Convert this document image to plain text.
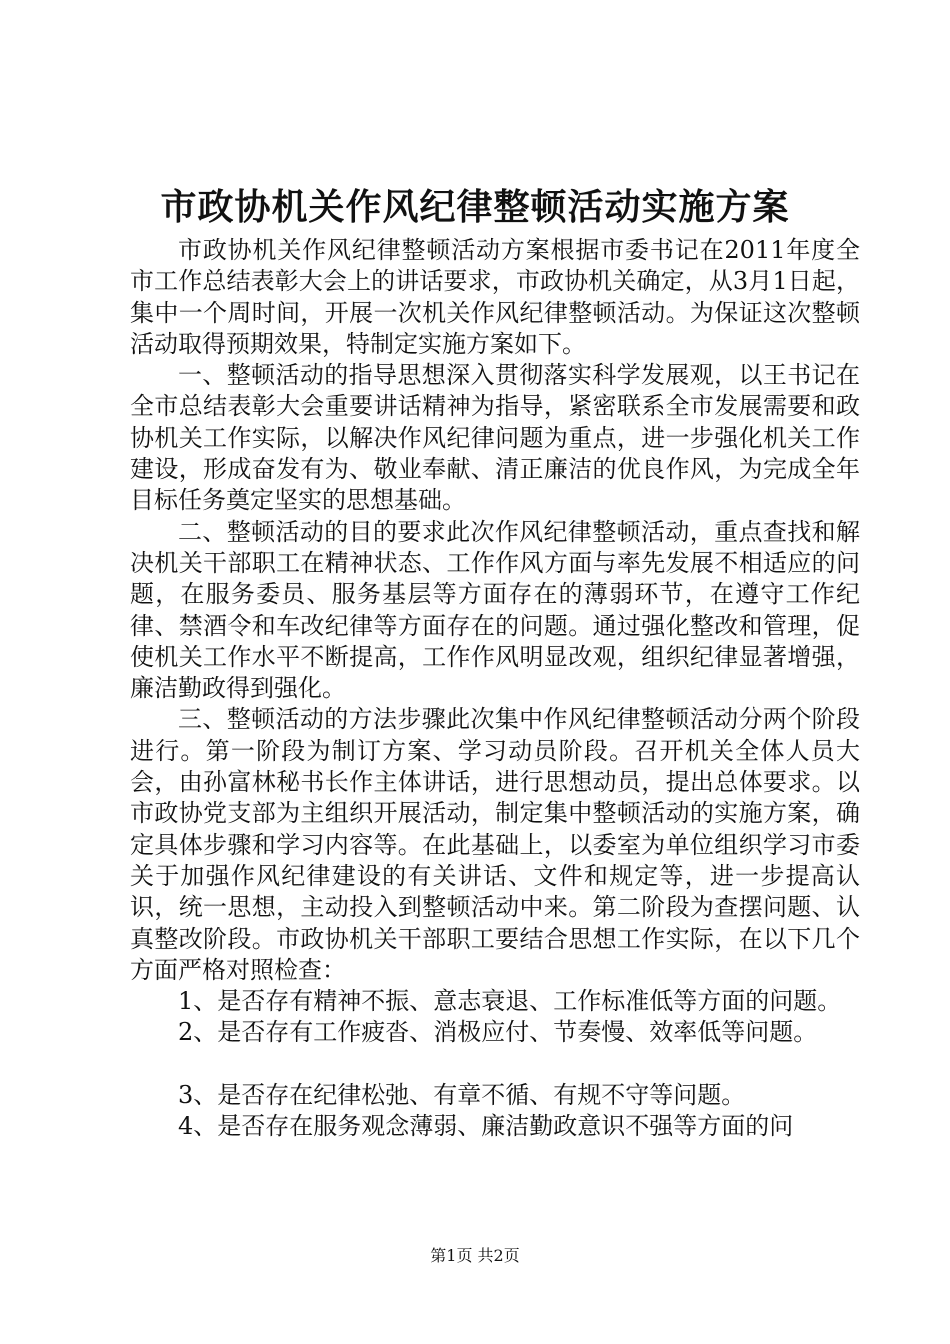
市政协机关作风纪律整顿活动实施方案

市政协机关作风纪律整顿活动方案根据市委书记在2011年度全市工作总结表彰大会上的讲话要求，市政协机关确定，从3月1日起，集中一个周时间，开展一次机关作风纪律整顿活动。为保证这次整顿活动取得预期效果，特制定实施方案如下。

一、整顿活动的指导思想深入贯彻落实科学发展观，以王书记在全市总结表彰大会重要讲话精神为指导，紧密联系全市发展需要和政协机关工作实际，以解决作风纪律问题为重点，进一步强化机关工作建设，形成奋发有为、敬业奉献、清正廉洁的优良作风，为完成全年目标任务奠定坚实的思想基础。

二、整顿活动的目的要求此次作风纪律整顿活动，重点查找和解决机关干部职工在精神状态、工作作风方面与率先发展不相适应的问题，在服务委员、服务基层等方面存在的薄弱环节，在遵守工作纪律、禁酒令和车改纪律等方面存在的问题。通过强化整改和管理，促使机关工作水平不断提高，工作作风明显改观，组织纪律显著增强，廉洁勤政得到强化。

三、整顿活动的方法步骤此次集中作风纪律整顿活动分两个阶段进行。第一阶段为制订方案、学习动员阶段。召开机关全体人员大会，由孙富林秘书长作主体讲话，进行思想动员，提出总体要求。以市政协党支部为主组织开展活动，制定集中整顿活动的实施方案，确定具体步骤和学习内容等。在此基础上，以委室为单位组织学习市委关于加强作风纪律建设的有关讲话、文件和规定等，进一步提高认识，统一思想，主动投入到整顿活动中来。第二阶段为查摆问题、认真整改阶段。市政协机关干部职工要结合思想工作实际，在以下几个方面严格对照检查：

1、是否存有精神不振、意志衰退、工作标准低等方面的问题。

2、是否存有工作疲沓、消极应付、节奏慢、效率低等问题。

3、是否存在纪律松弛、有章不循、有规不守等问题。

4、是否存在服务观念薄弱、廉洁勤政意识不强等方面的问

第1页 共2页
